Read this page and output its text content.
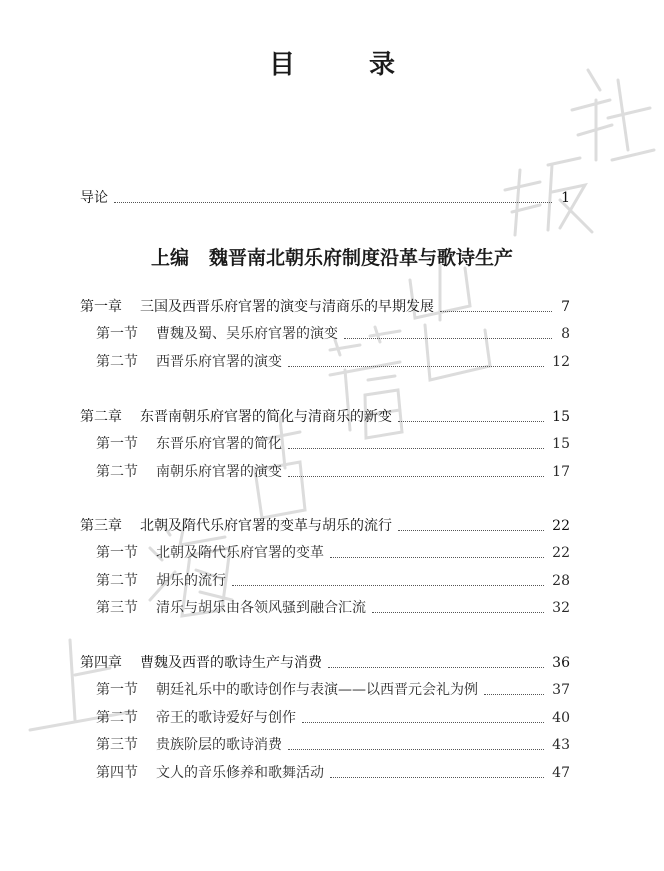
目　录
导论	1
上编 魏晋南北朝乐府制度沿革与歌诗生产
第一章 三国及西晋乐府官署的演变与清商乐的早期发展	7
第一节 曹魏及蜀、吴乐府官署的演变	8
第二节 西晋乐府官署的演变	12
第二章 东晋南朝乐府官署的简化与清商乐的新变	15
第一节 东晋乐府官署的简化	15
第二节 南朝乐府官署的演变	17
第三章 北朝及隋代乐府官署的变革与胡乐的流行	22
第一节 北朝及隋代乐府官署的变革	22
第二节 胡乐的流行	28
第三节 清乐与胡乐由各领风骚到融合汇流	32
第四章 曹魏及西晋的歌诗生产与消费	36
第一节 朝廷礼乐中的歌诗创作与表演——以西晋元会礼为例	37
第二节 帝王的歌诗爱好与创作	40
第三节 贵族阶层的歌诗消费	43
第四节 文人的音乐修养和歌舞活动	47
